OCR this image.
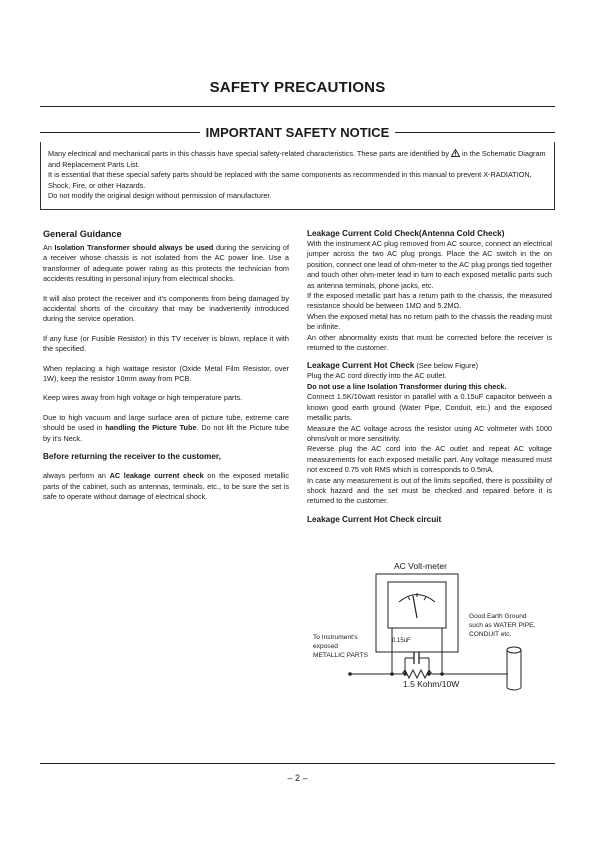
SAFETY PRECAUTIONS
IMPORTANT SAFETY NOTICE

Many electrical and mechanical parts in this chassis have special safety-related characteristics. These parts are identified by in the Schematic Diagram and Replacement Parts List.

It is essential that these special safety parts should be replaced with the same components as recommended in this manual to prevent X-RADIATION, Shock, Fire, or other Hazards.

Do not modify the original design without permission of manufacturer.

General Guidance

An Isolation Transformer should always be used during the servicing of a receiver whose chassis is not isolated from the AC power line. Use a transformer of adequate power rating as this protects the technician from accidents resulting in personal injury from electrical shocks.

It will also protect the receiver and it's components from being damaged by accidental shorts of the circuitary that may be inadvertently introduced during the service operation.

If any fuse (or Fusible Resistor) in this TV receiver is blown, replace it with the specified.

When replacing a high wattage resistor (Oxide Metal Film Resistor, over 1W), keep the resistor 10mm away from PCB.

Keep wires away from high voltage or high temperature parts.

Due to high vacuum and large surface area of picture tube, extreme care should be used in handling the Picture Tube. Do not lift the Picture tube by it's Neck.

Before returning the receiver to the customer,

always perform an AC leakage current check on the exposed metallic parts of the cabinet, such as antennas, terminals, etc., to be sure the set is safe to operate without damage of electrical shock.

Leakage Current Cold Check(Antenna Cold Check)

With the instrument AC plug removed from AC source, connect an electrical jumper across the two AC plug prongs. Place the AC switch in the on position, connect one lead of ohm-meter to the AC plug prongs tied together and touch other ohm-meter lead in turn to each exposed metallic parts such as antenna terminals, phone jacks, etc.

If the exposed metallic part has a return path to the chassis, the measured resistance should be between 1MΩ and 5.2MΩ.

When the exposed metal has no return path to the chassis the reading must be infinite.

An other abnormality exists that must be corrected before the receiver is returned to the customer.

Leakage Current Hot Check (See below Figure)

Plug the AC cord directly into the AC outlet.

Do not use a line Isolation Transformer during this check.

Connect 1.5K/10watt resistor in parallel with a 0.15uF capacitor between a known good earth ground (Water Pipe, Conduit, etc.) and the exposed metallic parts.

Measure the AC voltage across the resistor using AC voltmeter with 1000 ohms/volt or more sensitivity.

Reverse plug the AC cord into the AC outlet and repeat AC voltage measurements for each exposed metallic part. Any voltage measured must not exceed 0.75 volt RMS which is corresponds to 0.5mA.

In case any measurement is out of the limits sepcified, there is possibility of shock hazard and the set must be checked and repaired before it is returned to the customer.

Leakage Current Hot Check circuit
AC Volt-meter
Good Earth Ground
such as WATER PIPE,
CONDUIT etc.
To Instrument's
exposed
METALLIC PARTS
0.15uF
1.5 Kohm/10W
– 2 –
